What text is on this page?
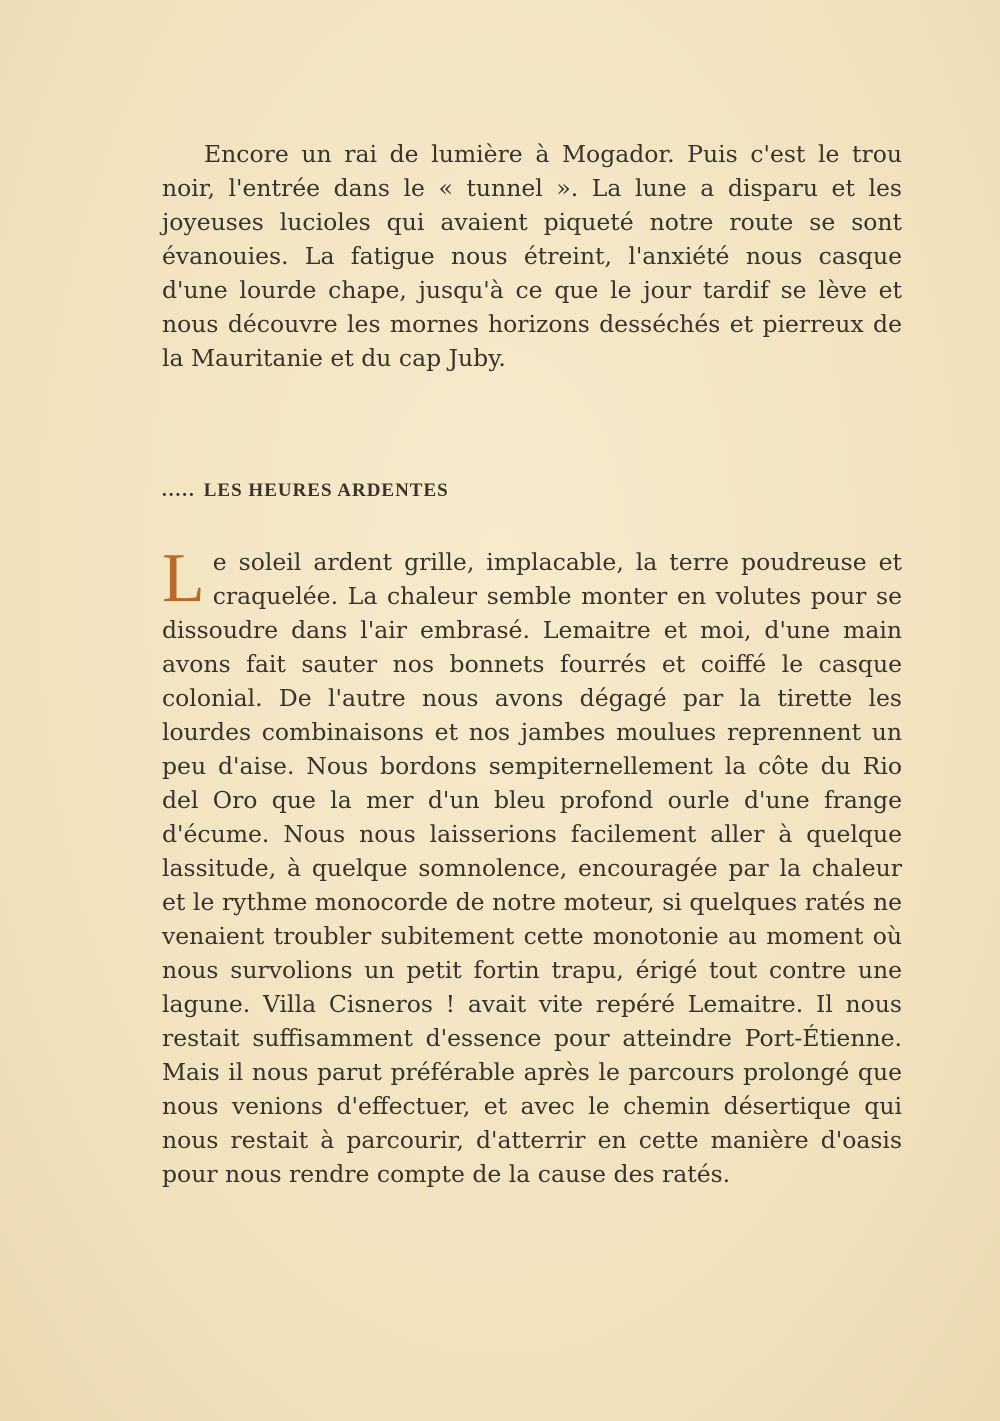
Encore un rai de lumière à Mogador. Puis c'est le trou noir, l'entrée dans le « tunnel ». La lune a disparu et les joyeuses lucioles qui avaient piqueté notre route se sont évanouies. La fatigue nous étreint, l'anxiété nous casque d'une lourde chape, jusqu'à ce que le jour tardif se lève et nous découvre les mornes horizons desséchés et pierreux de la Mauritanie et du cap Juby.

..... LES HEURES ARDENTES

Le soleil ardent grille, implacable, la terre poudreuse et craquelée. La chaleur semble monter en volutes pour se dissoudre dans l'air embrasé. Lemaitre et moi, d'une main avons fait sauter nos bonnets fourrés et coiffé le casque colonial. De l'autre nous avons dégagé par la tirette les lourdes combinaisons et nos jambes moulues reprennent un peu d'aise. Nous bordons sempiternellement la côte du Rio del Oro que la mer d'un bleu profond ourle d'une frange d'écume. Nous nous laisserions facilement aller à quelque lassitude, à quelque somnolence, encouragée par la chaleur et le rythme monocorde de notre moteur, si quelques ratés ne venaient troubler subitement cette monotonie au moment où nous survolions un petit fortin trapu, érigé tout contre une lagune. Villa Cisneros ! avait vite repéré Lemaitre. Il nous restait suffisamment d'essence pour atteindre Port-Étienne. Mais il nous parut préférable après le parcours prolongé que nous venions d'effectuer, et avec le chemin désertique qui nous restait à parcourir, d'atterrir en cette manière d'oasis pour nous rendre compte de la cause des ratés.
